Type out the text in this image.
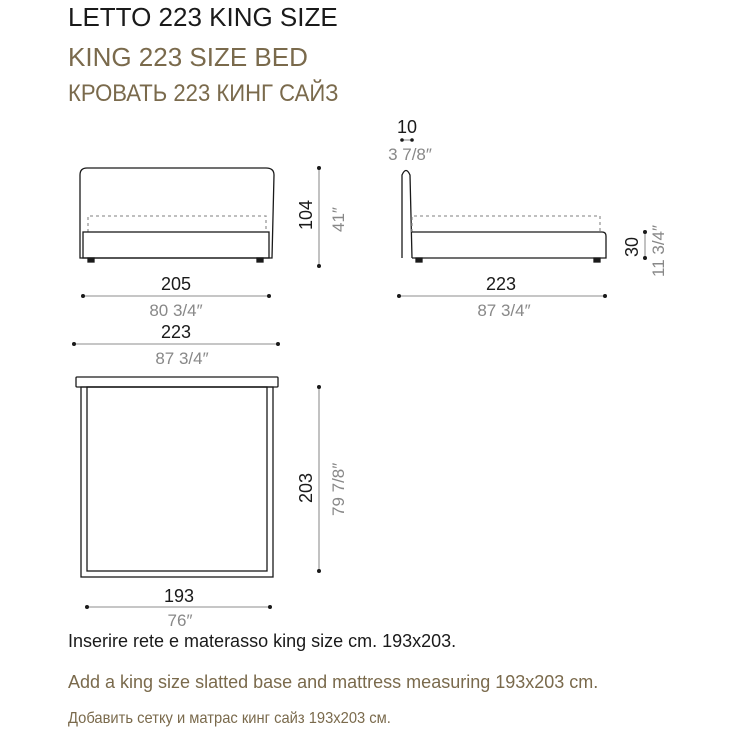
LETTO 223 KING SIZE
KING 223 SIZE BED
КРОВАТЬ 223 КИНГ САЙЗ
104 41″
205
80 3/4″
10
3 7/8″
223
87 3/4″
30 11 3/4″
223
87 3/4″
203 79 7/8″
193
76″
Inserire rete e materasso king size cm. 193x203.
Add a king size slatted base and mattress measuring 193x203 cm.
Добавить сетку и матрас кинг сайз 193x203 см.
